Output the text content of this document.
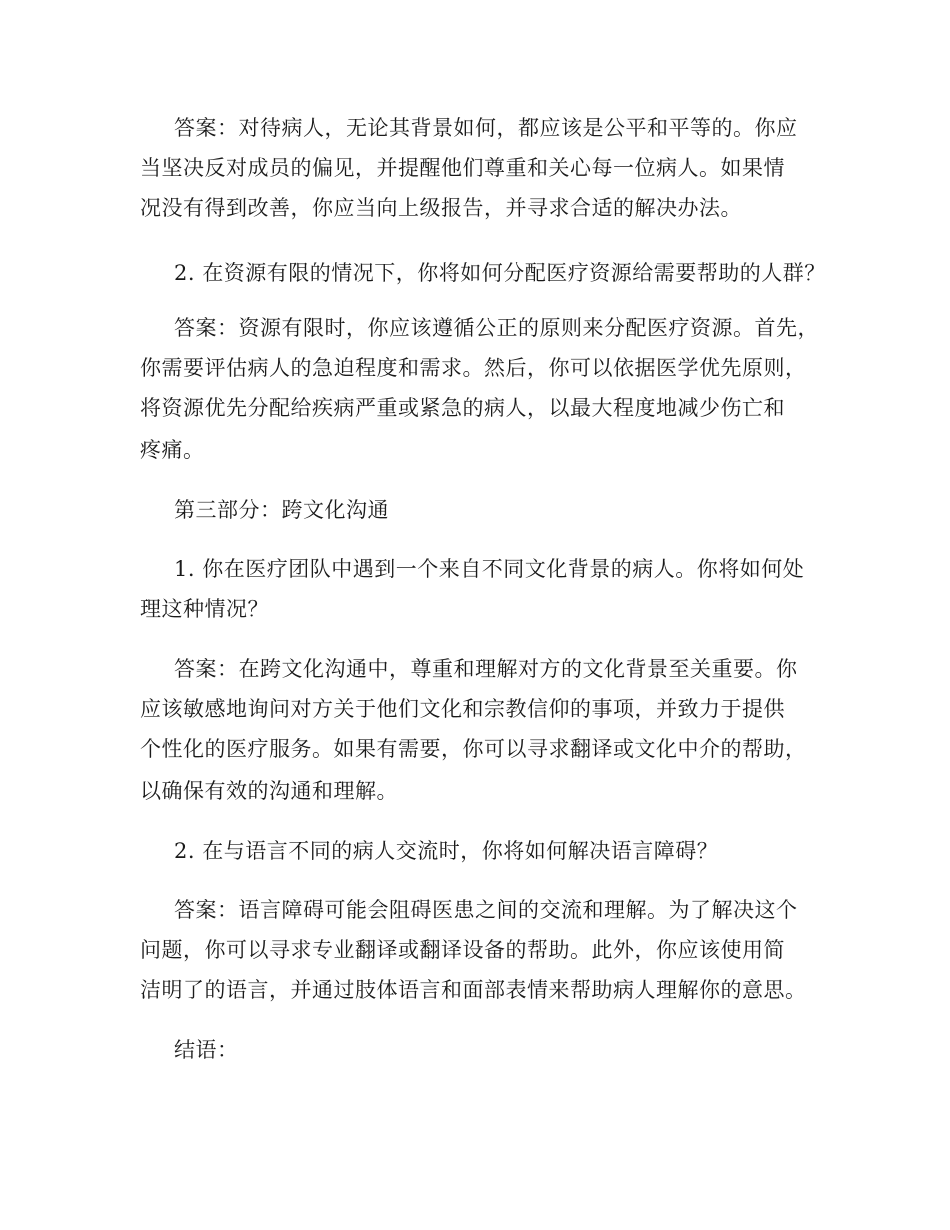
答案：对待病人，无论其背景如何，都应该是公平和平等的。你应
当坚决反对成员的偏见，并提醒他们尊重和关心每一位病人。如果情
况没有得到改善，你应当向上级报告，并寻求合适的解决办法。
2. 在资源有限的情况下，你将如何分配医疗资源给需要帮助的人群？
答案：资源有限时，你应该遵循公正的原则来分配医疗资源。首先，
你需要评估病人的急迫程度和需求。然后，你可以依据医学优先原则，
将资源优先分配给疾病严重或紧急的病人，以最大程度地减少伤亡和
疼痛。
第三部分：跨文化沟通
1. 你在医疗团队中遇到一个来自不同文化背景的病人。你将如何处
理这种情况？
答案：在跨文化沟通中，尊重和理解对方的文化背景至关重要。你
应该敏感地询问对方关于他们文化和宗教信仰的事项，并致力于提供
个性化的医疗服务。如果有需要，你可以寻求翻译或文化中介的帮助，
以确保有效的沟通和理解。
2. 在与语言不同的病人交流时，你将如何解决语言障碍？
答案：语言障碍可能会阻碍医患之间的交流和理解。为了解决这个
问题，你可以寻求专业翻译或翻译设备的帮助。此外，你应该使用简
洁明了的语言，并通过肢体语言和面部表情来帮助病人理解你的意思。
结语：
